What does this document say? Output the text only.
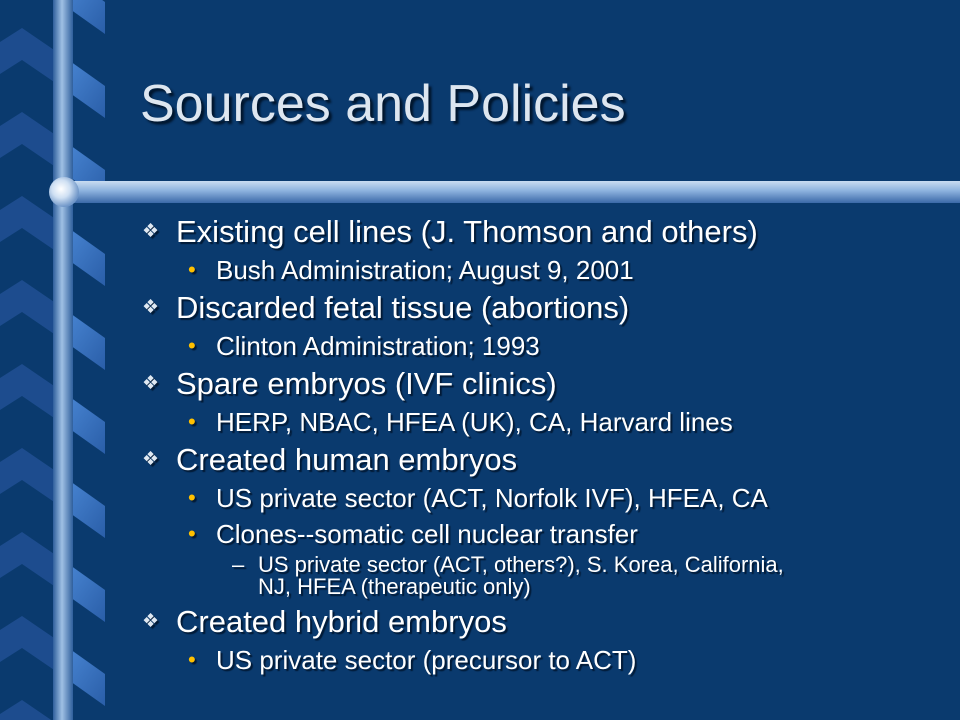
Sources and Policies
❖ Existing cell lines (J. Thomson and others)
• Bush Administration; August 9, 2001
❖ Discarded fetal tissue (abortions)
• Clinton Administration; 1993
❖ Spare embryos (IVF clinics)
• HERP, NBAC, HFEA (UK), CA, Harvard lines
❖ Created human embryos
• US private sector (ACT, Norfolk IVF), HFEA, CA
• Clones--somatic cell nuclear transfer
– US private sector (ACT, others?), S. Korea, California,
NJ, HFEA (therapeutic only)
❖ Created hybrid embryos
• US private sector (precursor to ACT)
